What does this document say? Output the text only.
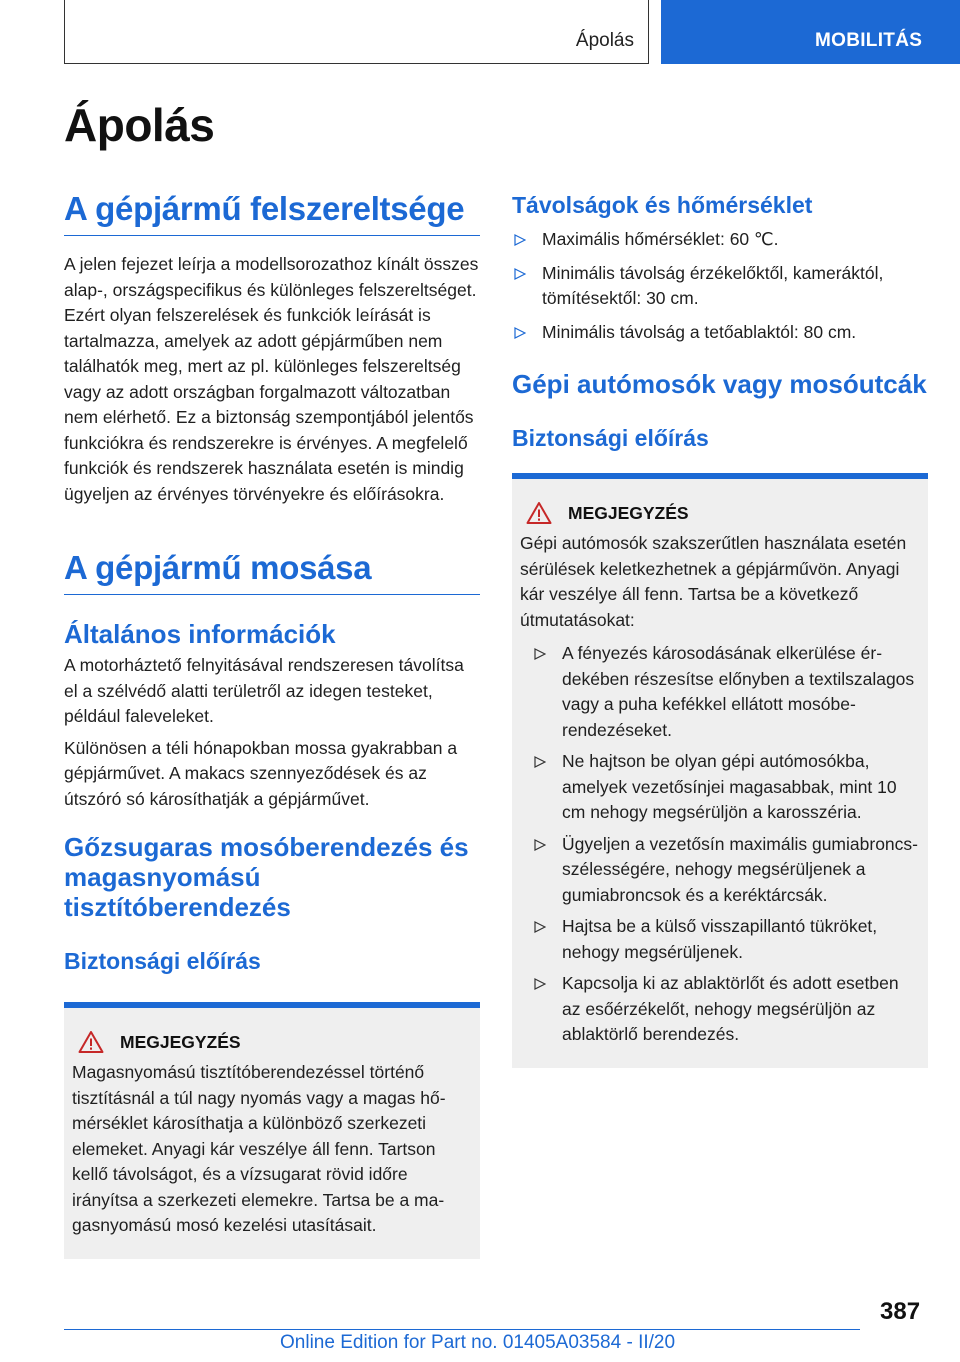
Ápolás	MOBILITÁS
Ápolás
A gépjármű felszereltsége

A jelen fejezet leírja a modellsorozathoz kínált összes alap-, országspecifikus és különleges felszereltséget. Ezért olyan felszerelések és funkciók leírását is tartalmazza, amelyek az adott gépjárműben nem találhatók meg, mert az pl. különleges felszereltség vagy az adott országban forgalmazott változatban nem elérhető. Ez a biztonság szempontjából jelentős funkciókra és rendszerekre is érvényes. A megfelelő funkciók és rendszerek használata esetén is mindig ügyeljen az érvényes törvényekre és előírásokra.

A gépjármű mosása
Általános információk

A motorháztető felnyitásával rendszeresen távolítsa el a szélvédő alatti területről az idegen testeket, például faleveleket.

Különösen a téli hónapokban mossa gyakrabban a gépjárművet. A makacs szennyeződések és az útszóró só károsíthatják a gépjárművet.

Gőzsugaras mosóberendezés és magasnyomású tisztítóberendezés
Biztonsági előírás
MEGJEGYZÉS

Magasnyomású tisztítóberendezéssel történő tisztításnál a túl nagy nyomás vagy a magas hőmérséklet károsíthatja a különböző szerkezeti elemeket. Anyagi kár veszélye áll fenn. Tartson kellő távolságot, és a vízsugarat rövid időre irányítsa a szerkezeti elemekre. Tartsa be a magasnyomású mosó kezelési utasításait.

Távolságok és hőmérséklet
Maximális hőmérséklet: 60 ℃.
Minimális távolság érzékelőktől, kameráktól, tömítésektől: 30 cm.
Minimális távolság a tetőablaktól: 80 cm.
Gépi autómosók vagy mosóutcák
Biztonsági előírás
MEGJEGYZÉS

Gépi autómosók szakszerűtlen használata esetén sérülések keletkezhetnek a gépjárművön. Anyagi kár veszélye áll fenn. Tartsa be a következő útmutatásokat:

A fényezés károsodásának elkerülése érdekében részesítse előnyben a textilszalagos vagy a puha kefékkel ellátott mosóberendezéseket.
Ne hajtson be olyan gépi autómosókba, amelyek vezetősínjei magasabbak, mint 10 cm nehogy megsérüljön a karosszéria.
Ügyeljen a vezetősín maximális gumiabroncs-szélességére, nehogy megsérüljenek a gumiabroncsok és a keréktárcsák.
Hajtsa be a külső visszapillantó tükröket, nehogy megsérüljenek.
Kapcsolja ki az ablaktörlőt és adott esetben az esőérzékelőt, nehogy megsérüljön az ablaktörlő berendezés.
387
Online Edition for Part no. 01405A03584 - II/20
